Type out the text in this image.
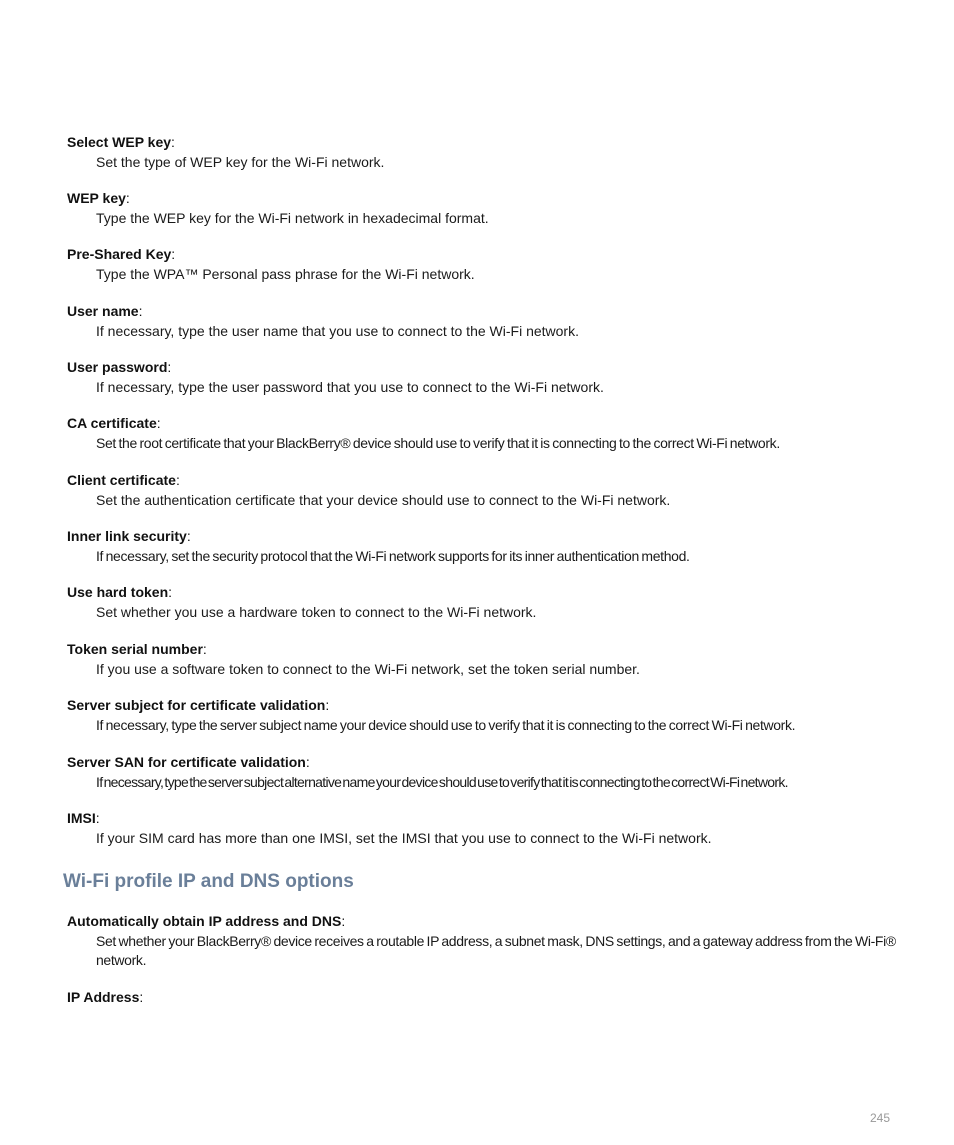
Select WEP key:
Set the type of WEP key for the Wi-Fi network.
WEP key:
Type the WEP key for the Wi-Fi network in hexadecimal format.
Pre-Shared Key:
Type the WPA™ Personal pass phrase for the Wi-Fi network.
User name:
If necessary, type the user name that you use to connect to the Wi-Fi network.
User password:
If necessary, type the user password that you use to connect to the Wi-Fi network.
CA certificate:
Set the root certificate that your BlackBerry® device should use to verify that it is connecting to the correct Wi-Fi network.
Client certificate:
Set the authentication certificate that your device should use to connect to the Wi-Fi network.
Inner link security:
If necessary, set the security protocol that the Wi-Fi network supports for its inner authentication method.
Use hard token:
Set whether you use a hardware token to connect to the Wi-Fi network.
Token serial number:
If you use a software token to connect to the Wi-Fi network, set the token serial number.
Server subject for certificate validation:
If necessary, type the server subject name your device should use to verify that it is connecting to the correct Wi-Fi network.
Server SAN for certificate validation:
If necessary, type the server subject alternative name your device should use to verify that it is connecting to the correct Wi-Fi network.
IMSI:
If your SIM card has more than one IMSI, set the IMSI that you use to connect to the Wi-Fi network.
Wi-Fi profile IP and DNS options
Automatically obtain IP address and DNS:
Set whether your BlackBerry® device receives a routable IP address, a subnet mask, DNS settings, and a gateway address from the Wi-Fi® network.
IP Address:
245
